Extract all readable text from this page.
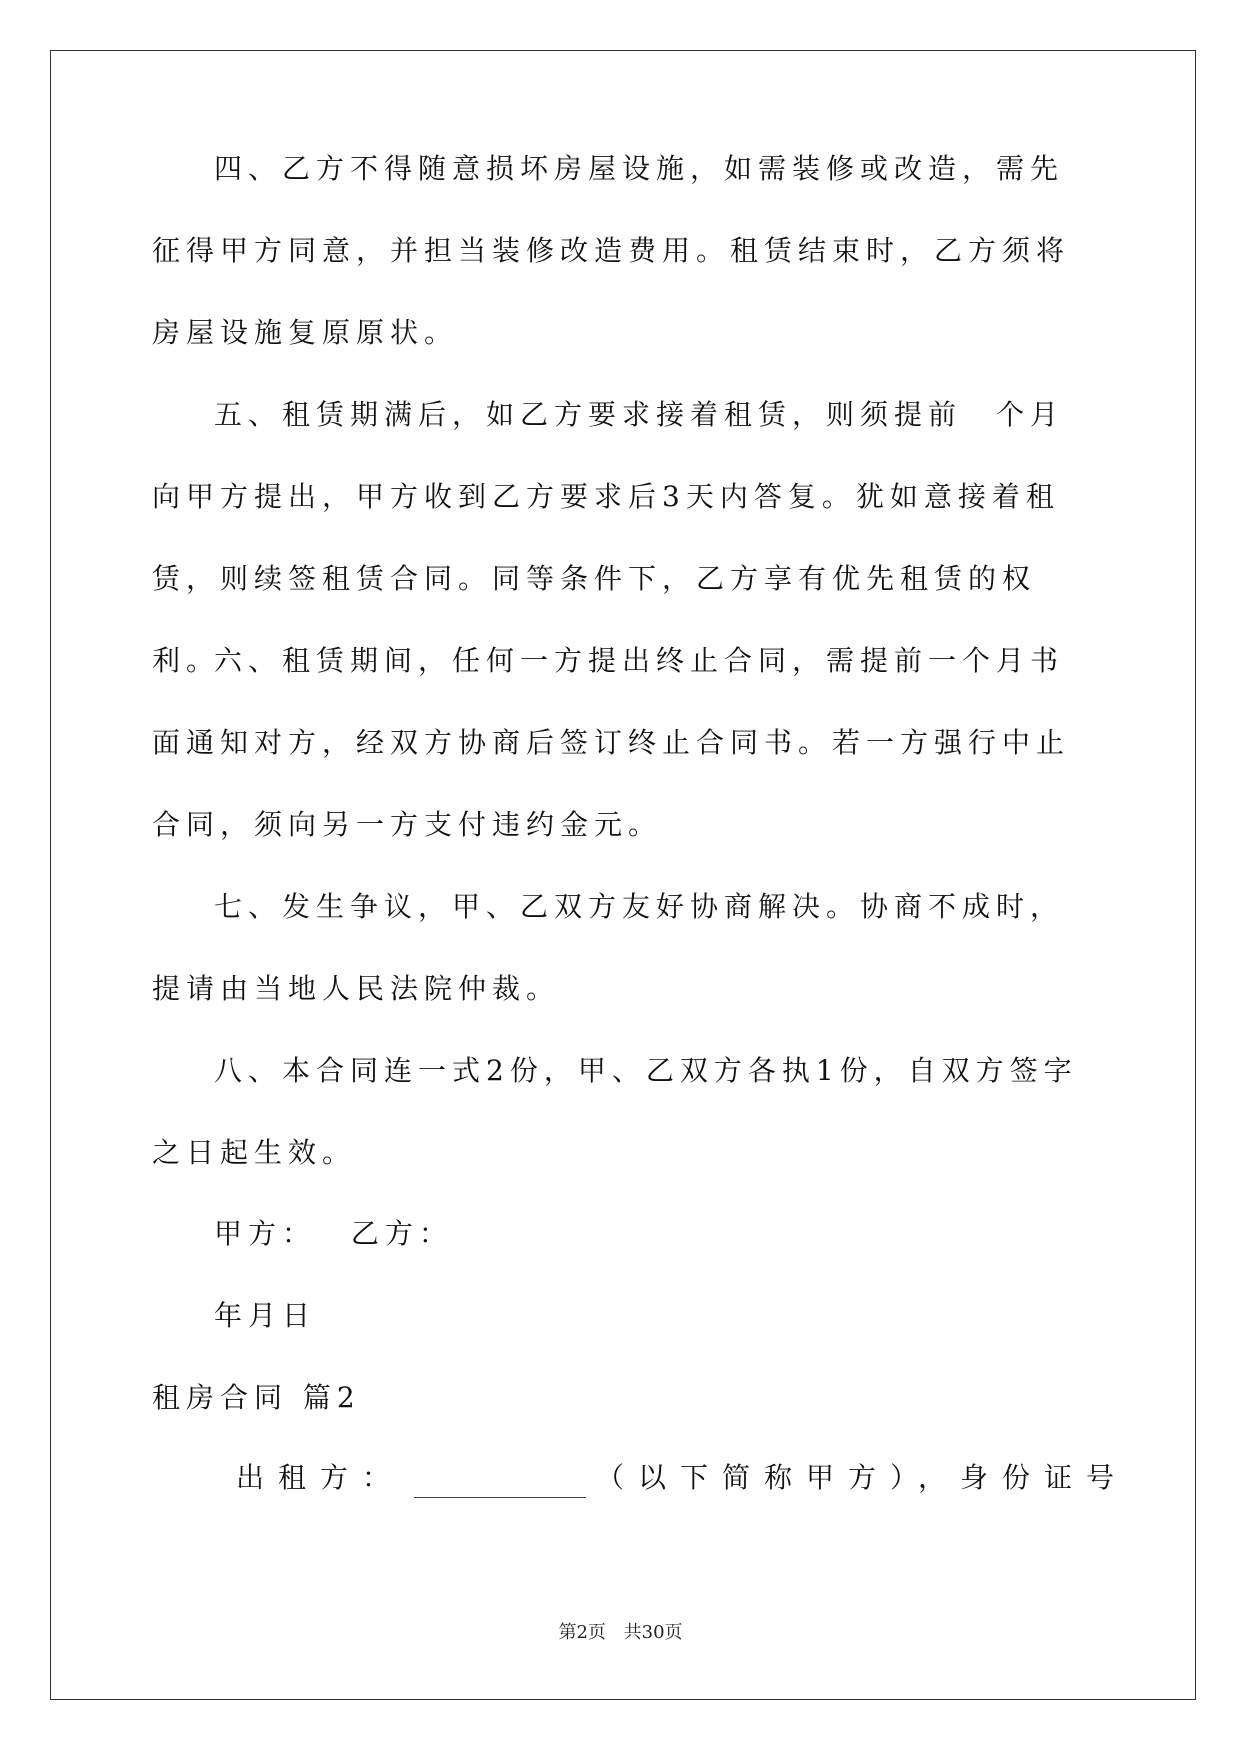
四、乙方不得随意损坏房屋设施，如需装修或改造，需先征得甲方同意，并担当装修改造费用。租赁结束时，乙方须将房屋设施复原原状。

五、租赁期满后，如乙方要求接着租赁，则须提前　个月向甲方提出，甲方收到乙方要求后3天内答复。犹如意接着租赁，则续签租赁合同。同等条件下，乙方享有优先租赁的权利。

六、租赁期间，任何一方提出终止合同，需提前一个月书面通知对方，经双方协商后签订终止合同书。若一方强行中止合同，须向另一方支付违约金元。

七、发生争议，甲、乙双方友好协商解决。协商不成时，提请由当地人民法院仲裁。

八、本合同连一式2份，甲、乙双方各执1份，自双方签字之日起生效。

甲方：　 乙方：
年月日
租房合同 篇2
出租方：	（以下简称甲方），身份证号
第2页 共30页
